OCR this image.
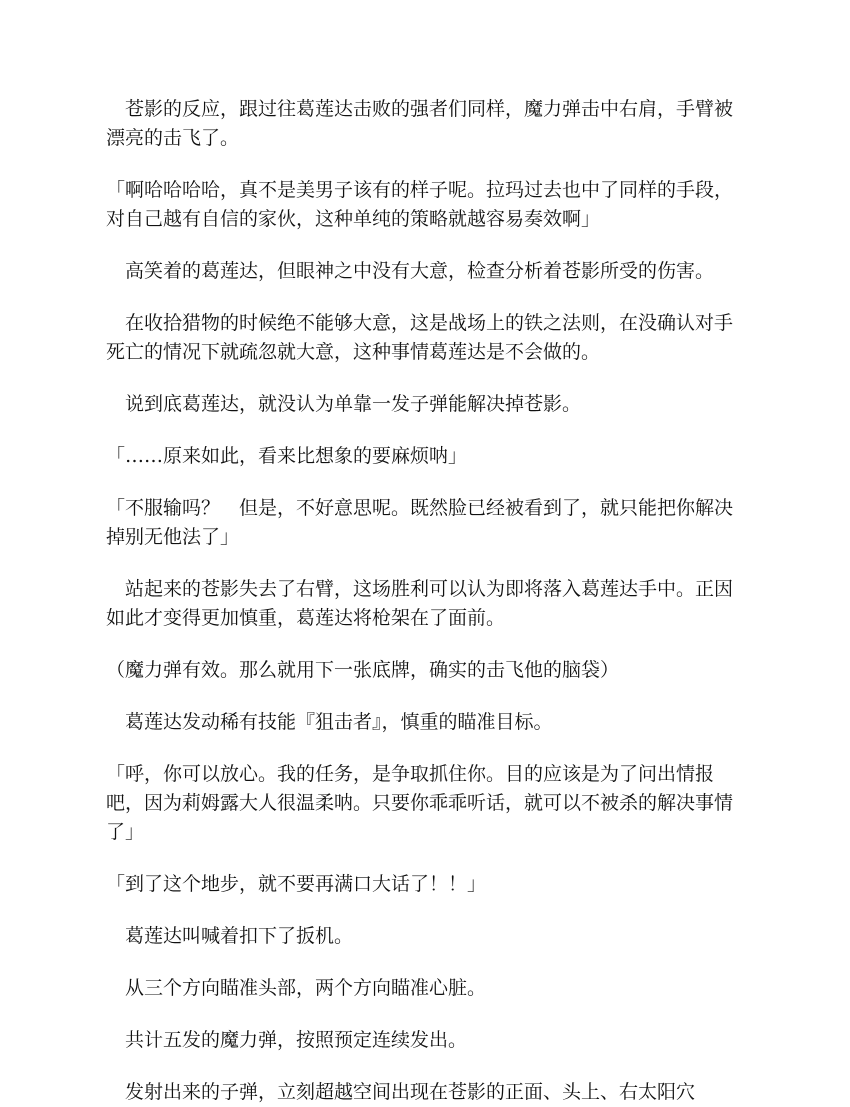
　苍影的反应，跟过往葛莲达击败的强者们同样，魔力弹击中右肩，手臂被漂亮的击飞了。

「啊哈哈哈哈，真不是美男子该有的样子呢。拉玛过去也中了同样的手段，对自己越有自信的家伙，这种单纯的策略就越容易奏效啊」

　高笑着的葛莲达，但眼神之中没有大意，检查分析着苍影所受的伤害。

　在收拾猎物的时候绝不能够大意，这是战场上的铁之法则，在没确认对手死亡的情况下就疏忽就大意，这种事情葛莲达是不会做的。

　说到底葛莲达，就没认为单靠一发子弹能解决掉苍影。

「……原来如此，看来比想象的要麻烦呐」

「不服输吗？　但是，不好意思呢。既然脸已经被看到了，就只能把你解决掉别无他法了」

　站起来的苍影失去了右臂，这场胜利可以认为即将落入葛莲达手中。正因如此才变得更加慎重，葛莲达将枪架在了面前。

（魔力弹有效。那么就用下一张底牌，确实的击飞他的脑袋）

　葛莲达发动稀有技能『狙击者』，慎重的瞄准目标。

「呼，你可以放心。我的任务，是争取抓住你。目的应该是为了问出情报吧，因为莉姆露大人很温柔呐。只要你乖乖听话，就可以不被杀的解决事情了」

「到了这个地步，就不要再满口大话了！！」

　葛莲达叫喊着扣下了扳机。

　从三个方向瞄准头部，两个方向瞄准心脏。

　共计五发的魔力弹，按照预定连续发出。

　发射出来的子弹，立刻超越空间出现在苍影的正面、头上、右太阳穴
